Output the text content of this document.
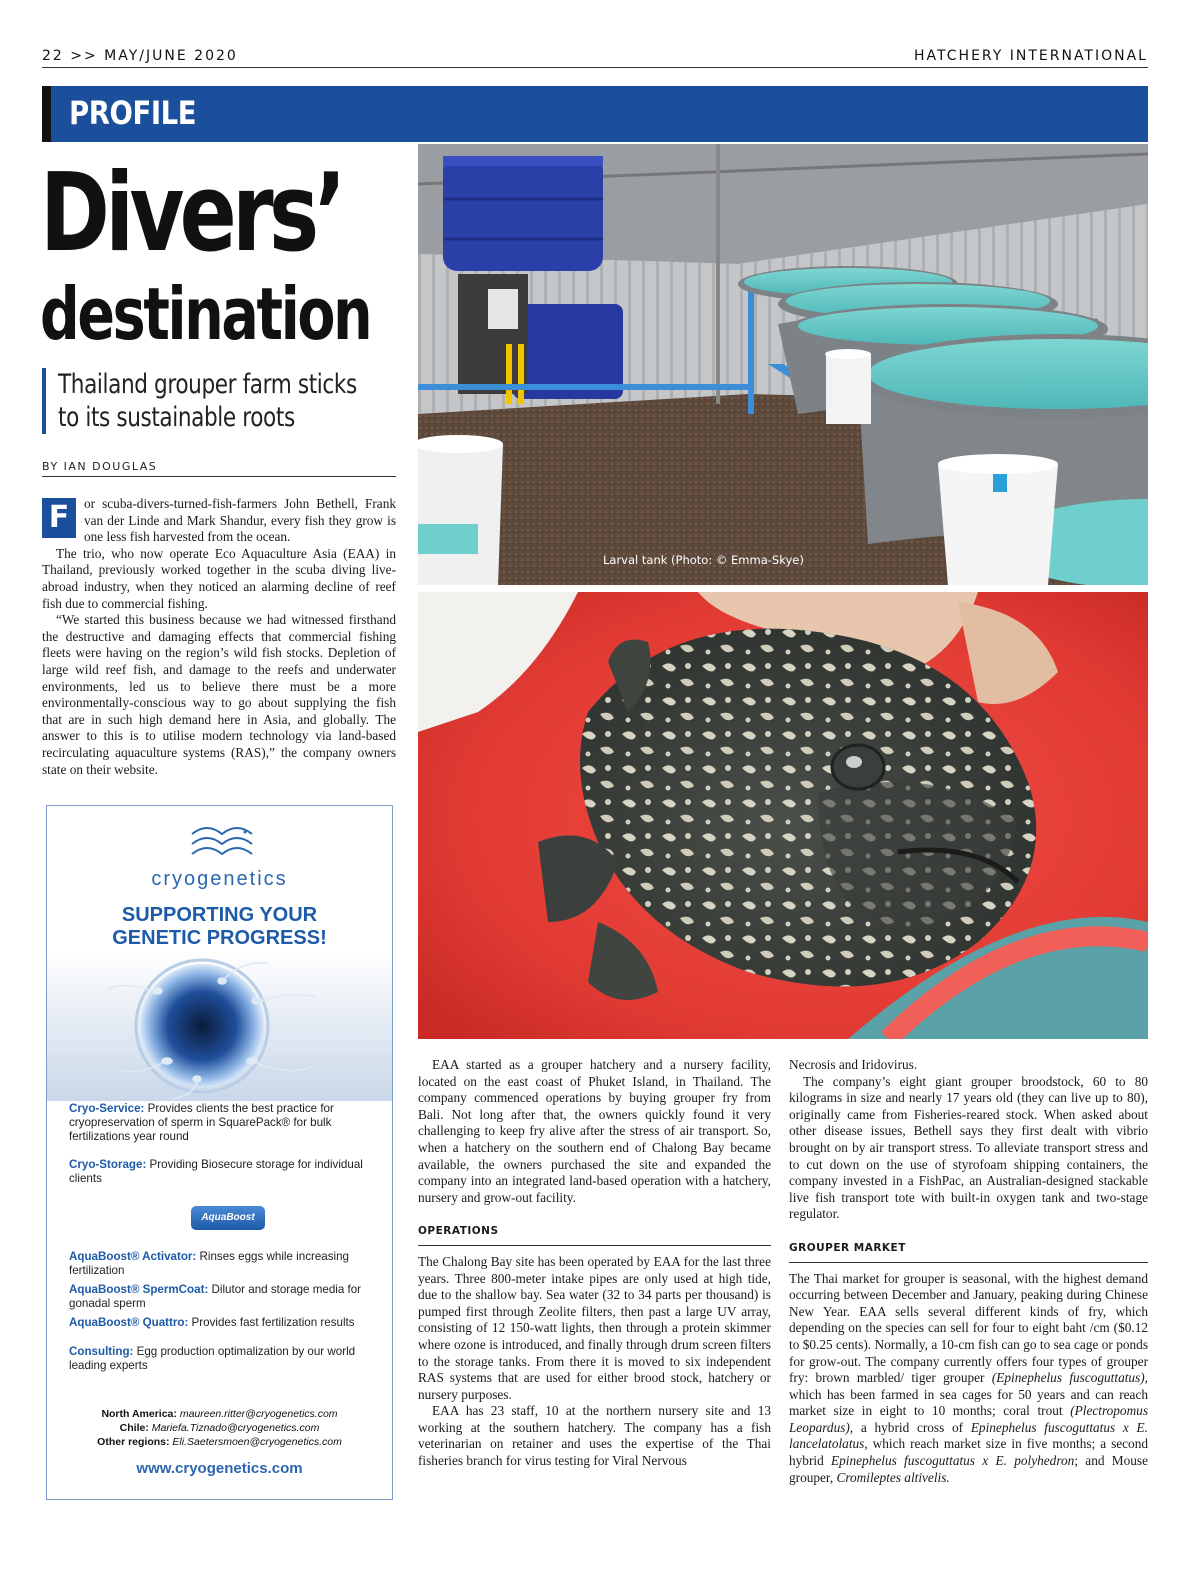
22 >> MAY/JUNE 2020	HATCHERY INTERNATIONAL
PROFILE
Divers’
destination
Thailand grouper farm sticks
to its sustainable roots
BY IAN DOUGLAS

F	or scuba-divers-turned-fish-farmers John Bethell, Frank van der Linde and Mark Shandur, every fish they grow is one less fish harvested from the ocean.

The trio, who now operate Eco Aquaculture Asia (EAA) in Thailand, previously worked together in the scuba diving live-abroad industry, when they noticed an alarming decline of reef fish due to commercial fishing.

“We started this business because we had witnessed firsthand the destructive and damaging effects that commercial fishing fleets were having on the region’s wild fish stocks. Depletion of large wild reef fish, and damage to the reefs and underwater environments, led us to believe there must be a more environmentally-conscious way to go about supplying the fish that are in such high demand here in Asia, and globally. The answer to this is to utilise modern technology via land-based recirculating aquaculture systems (RAS),” the company owners state on their website.

Larval tank (Photo: © Emma-Skye)
cryogenetics
SUPPORTING YOUR
GENETIC PROGRESS!
Cryo-Service: Provides clients the best practice for cryopreservation of sperm in SquarePack® for bulk fertilizations year round
Cryo-Storage: Providing Biosecure storage for individual clients
AquaBoost
AquaBoost® Activator: Rinses eggs while increasing fertilization
AquaBoost® SpermCoat: Dilutor and storage media for gonadal sperm
AquaBoost® Quattro: Provides fast fertilization results
Consulting: Egg production optimalization by our world leading experts
North America: maureen.ritter@cryogenetics.com
Chile: Mariefa.Tiznado@cryogenetics.com
Other regions: Eli.Saetersmoen@cryogenetics.com
www.cryogenetics.com

EAA started as a grouper hatchery and a nursery facility, located on the east coast of Phuket Island, in Thailand. The company commenced operations by buying grouper fry from Bali. Not long after that, the owners quickly found it very challenging to keep fry alive after the stress of air transport. So, when a hatchery on the southern end of Chalong Bay became available, the owners purchased the site and expanded the company into an integrated land-based operation with a hatchery, nursery and grow-out facility.

OPERATIONS

The Chalong Bay site has been operated by EAA for the last three years. Three 800-meter intake pipes are only used at high tide, due to the shallow bay. Sea water (32 to 34 parts per thousand) is pumped first through Zeolite filters, then past a large UV array, consisting of 12 150-watt lights, then through a protein skimmer where ozone is introduced, and finally through drum screen filters to the storage tanks. From there it is moved to six independent RAS systems that are used for either brood stock, hatchery or nursery purposes.

EAA has 23 staff, 10 at the northern nursery site and 13 working at the southern hatchery. The company has a fish veterinarian on retainer and uses the expertise of the Thai fisheries branch for virus testing for Viral Nervous

Necrosis and Iridovirus.

The company’s eight giant grouper broodstock, 60 to 80 kilograms in size and nearly 17 years old (they can live up to 80), originally came from Fisheries-reared stock. When asked about other disease issues, Bethell says they first dealt with vibrio brought on by air transport stress. To alleviate transport stress and to cut down on the use of styrofoam shipping containers, the company invested in a FishPac, an Australian-designed stackable live fish transport tote with built-in oxygen tank and two-stage regulator.

GROUPER MARKET

The Thai market for grouper is seasonal, with the highest demand occurring between December and January, peaking during Chinese New Year. EAA sells several different kinds of fry, which depending on the species can sell for four to eight baht /cm ($0.12 to $0.25 cents). Normally, a 10-cm fish can go to sea cage or ponds for grow-out. The company currently offers four types of grouper fry: brown marbled/ tiger grouper (Epinephelus fuscoguttatus), which has been farmed in sea cages for 50 years and can reach market size in eight to 10 months; coral trout (Plectropomus Leopardus), a hybrid cross of Epinephelus fuscoguttatus x E. lancelatolatus, which reach market size in five months; a second hybrid Epinephelus fuscoguttatus x E. polyhedron; and Mouse grouper, Cromileptes altivelis.
